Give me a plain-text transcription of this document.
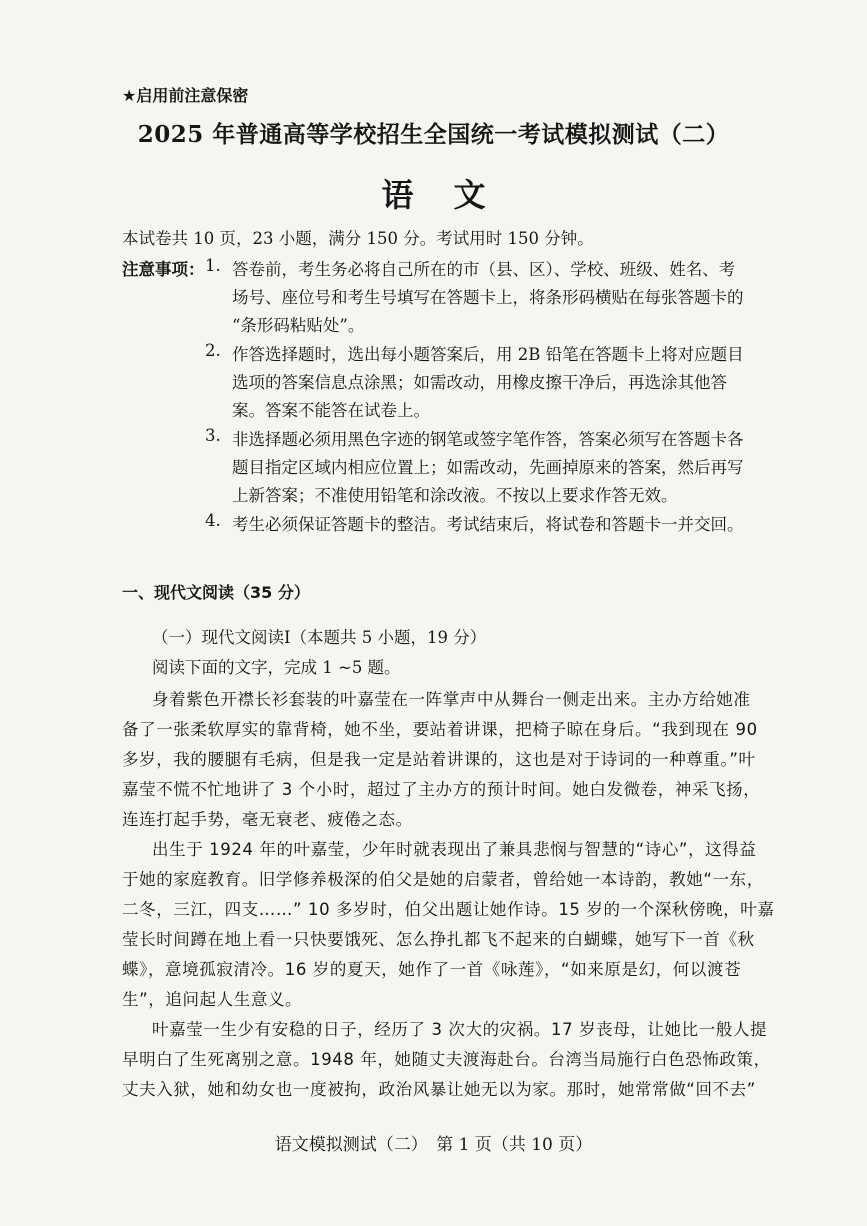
★启用前注意保密
2025 年普通高等学校招生全国统一考试模拟测试（二）
语文
本试卷共 10 页，23 小题，满分 150 分。考试用时 150 分钟。
注意事项： 1. 答卷前，考生务必将自己所在的市（县、区）、学校、班级、姓名、考
场号、座位号和考生号填写在答题卡上，将条形码横贴在每张答题卡的
“条形码粘贴处”。
2. 作答选择题时，选出每小题答案后，用 2B 铅笔在答题卡上将对应题目
选项的答案信息点涂黑；如需改动，用橡皮擦干净后，再选涂其他答
案。答案不能答在试卷上。
3. 非选择题必须用黑色字迹的钢笔或签字笔作答，答案必须写在答题卡各
题目指定区域内相应位置上；如需改动，先画掉原来的答案，然后再写
上新答案；不准使用铅笔和涂改液。不按以上要求作答无效。
4. 考生必须保证答题卡的整洁。考试结束后，将试卷和答题卡一并交回。
一、现代文阅读（35 分）
（一）现代文阅读Ⅰ（本题共 5 小题，19 分）
阅读下面的文字，完成 1 ~5 题。
身着紫色开襟长衫套装的叶嘉莹在一阵掌声中从舞台一侧走出来。主办方给她准
备了一张柔软厚实的靠背椅，她不坐，要站着讲课，把椅子晾在身后。“我到现在 90
多岁，我的腰腿有毛病，但是我一定是站着讲课的，这也是对于诗词的一种尊重。”叶
嘉莹不慌不忙地讲了 3 个小时，超过了主办方的预计时间。她白发微卷，神采飞扬，
连连打起手势，毫无衰老、疲倦之态。
出生于 1924 年的叶嘉莹，少年时就表现出了兼具悲悯与智慧的“诗心”，这得益
于她的家庭教育。旧学修养极深的伯父是她的启蒙者，曾给她一本诗韵，教她“一东，
二冬，三江，四支……” 10 多岁时，伯父出题让她作诗。15 岁的一个深秋傍晚，叶嘉
莹长时间蹲在地上看一只快要饿死、怎么挣扎都飞不起来的白蝴蝶，她写下一首《秋
蝶》，意境孤寂清冷。16 岁的夏天，她作了一首《咏莲》，“如来原是幻，何以渡苍
生”，追问起人生意义。
叶嘉莹一生少有安稳的日子，经历了 3 次大的灾祸。17 岁丧母，让她比一般人提
早明白了生死离别之意。1948 年，她随丈夫渡海赴台。台湾当局施行白色恐怖政策，
丈夫入狱，她和幼女也一度被拘，政治风暴让她无以为家。那时，她常常做“回不去”
语文模拟测试（二）　第 1 页（共 10 页）
